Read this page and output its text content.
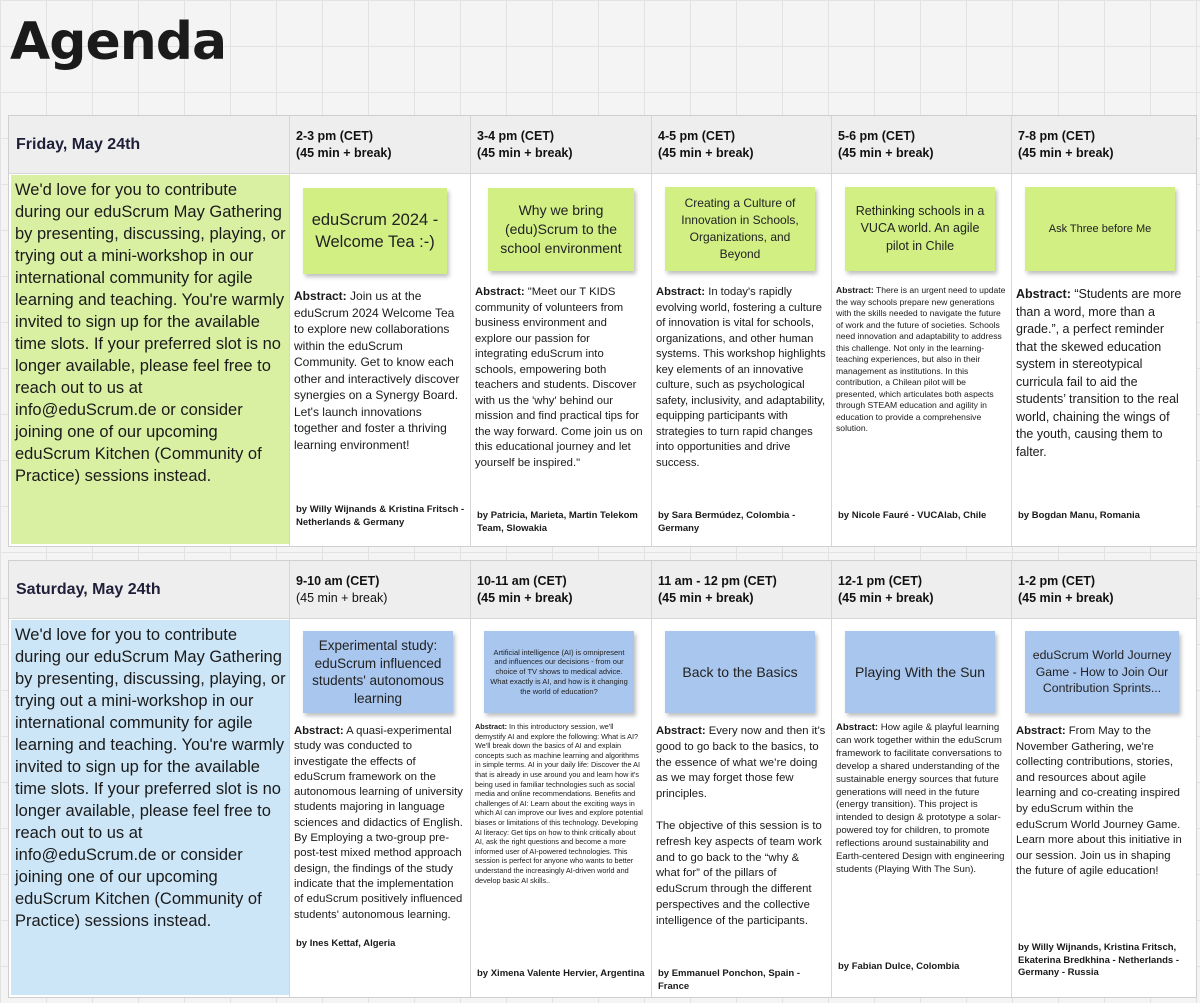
Agenda
Friday, May 24th	2-3 pm (CET)
(45 min + break)
3-4 pm (CET)
(45 min + break)
4-5 pm (CET)
(45 min + break)
5-6 pm (CET)
(45 min + break)
7-8 pm (CET)
(45 min + break)
We'd love for you to contribute during our eduScrum May Gathering by presenting, discussing, playing, or trying out a mini-workshop in our international community for agile learning and teaching. You're warmly invited to sign up for the available time slots. If your preferred slot is no longer available, please feel free to reach out to us at info@eduScrum.de or consider joining one of our upcoming eduScrum Kitchen (Community of Practice) sessions instead.
eduScrum 2024 - Welcome Tea :-)
Abstract: Join us at the eduScrum 2024 Welcome Tea to explore new collaborations within the eduScrum Community. Get to know each other and interactively discover synergies on a Synergy Board. Let's launch innovations together and foster a thriving learning environment!
by Willy Wijnands & Kristina Fritsch - Netherlands & Germany
Why we bring (edu)Scrum to the school environment
Abstract: "Meet our T KIDS community of volunteers from business environment and explore our passion for integrating eduScrum into schools, empowering both teachers and students. Discover with us the 'why' behind our mission and find practical tips for the way forward. Come join us on this educational journey and let yourself be inspired."
by Patricia, Marieta, Martin Telekom Team, Slowakia
Creating a Culture of Innovation in Schools, Organizations, and Beyond
Abstract: In today's rapidly evolving world, fostering a culture of innovation is vital for schools, organizations, and other human systems. This workshop highlights key elements of an innovative culture, such as psychological safety, inclusivity, and adaptability, equipping participants with strategies to turn rapid changes into opportunities and drive success.
by Sara Bermúdez, Colombia - Germany
Rethinking schools in a VUCA world. An agile pilot in Chile
Abstract: There is an urgent need to update the way schools prepare new generations with the skills needed to navigate the future of work and the future of societies. Schools need innovation and adaptability to address this challenge. Not only in the learning-teaching experiences, but also in their management as institutions. In this contribution, a Chilean pilot will be presented, which articulates both aspects through STEAM education and agility in education to provide a comprehensive solution.
by Nicole Fauré - VUCAlab, Chile
Ask Three before Me
Abstract: “Students are more than a word, more than a grade.”, a perfect reminder that the skewed education system in stereotypical curricula fail to aid the students’ transition to the real world, chaining the wings of the youth, causing them to falter.
by Bogdan Manu, Romania
Saturday, May 24th	9-10 am (CET)
(45 min + break)
10-11 am (CET)
(45 min + break)
11 am - 12 pm (CET)
(45 min + break)
12-1 pm (CET)
(45 min + break)
1-2 pm (CET)
(45 min + break)
We'd love for you to contribute during our eduScrum May Gathering by presenting, discussing, playing, or trying out a mini-workshop in our international community for agile learning and teaching. You're warmly invited to sign up for the available time slots. If your preferred slot is no longer available, please feel free to reach out to us at info@eduScrum.de or consider joining one of our upcoming eduScrum Kitchen (Community of Practice) sessions instead.
Experimental study: eduScrum influenced students' autonomous learning
Abstract: A quasi-experimental study was conducted to investigate the effects of eduScrum framework on the autonomous learning of university students majoring in language sciences and didactics of English. By Employing a two-group pre-post-test mixed method approach design, the findings of the study indicate that the implementation of eduScrum positively influenced students' autonomous learning.
by Ines Kettaf, Algeria
Artificial intelligence (AI) is omnipresent and influences our decisions - from our choice of TV shows to medical advice. What exactly is AI, and how is it changing the world of education?
Abstract: In this introductory session, we'll demystify AI and explore the following: What is AI? We'll break down the basics of AI and explain concepts such as machine learning and algorithms in simple terms. AI in your daily life: Discover the AI that is already in use around you and learn how it's being used in familiar technologies such as social media and online recommendations. Benefits and challenges of AI: Learn about the exciting ways in which AI can improve our lives and explore potential biases or limitations of this technology. Developing AI literacy: Get tips on how to think critically about AI, ask the right questions and become a more informed user of AI-powered technologies. This session is perfect for anyone who wants to better understand the increasingly AI-driven world and develop basic AI skills..
by Ximena Valente Hervier, Argentina
Back to the Basics
Abstract: Every now and then it’s good to go back to the basics, to the essence of what we’re doing as we may forget those few principles.
The objective of this session is to refresh key aspects of team work and to go back to the “why & what for” of the pillars of eduScrum through the different perspectives and the collective intelligence of the participants.
by Emmanuel Ponchon, Spain - France
Playing With the Sun
Abstract: How agile & playful learning can work together within the eduScrum framework to facilitate conversations to develop a shared understanding of the sustainable energy sources that future generations will need in the future (energy transition). This project is intended to design & prototype a solar-powered toy for children, to promote reflections around sustainability and Earth-centered Design with engineering students (Playing With The Sun).
by Fabian Dulce, Colombia
eduScrum World Journey Game - How to Join Our Contribution Sprints...
Abstract: From May to the November Gathering, we're collecting contributions, stories, and resources about agile learning and co-creating inspired by eduScrum within the eduScrum World Journey Game. Learn more about this initiative in our session. Join us in shaping the future of agile education!
by Willy Wijnands, Kristina Fritsch, Ekaterina Bredkhina - Netherlands - Germany - Russia
